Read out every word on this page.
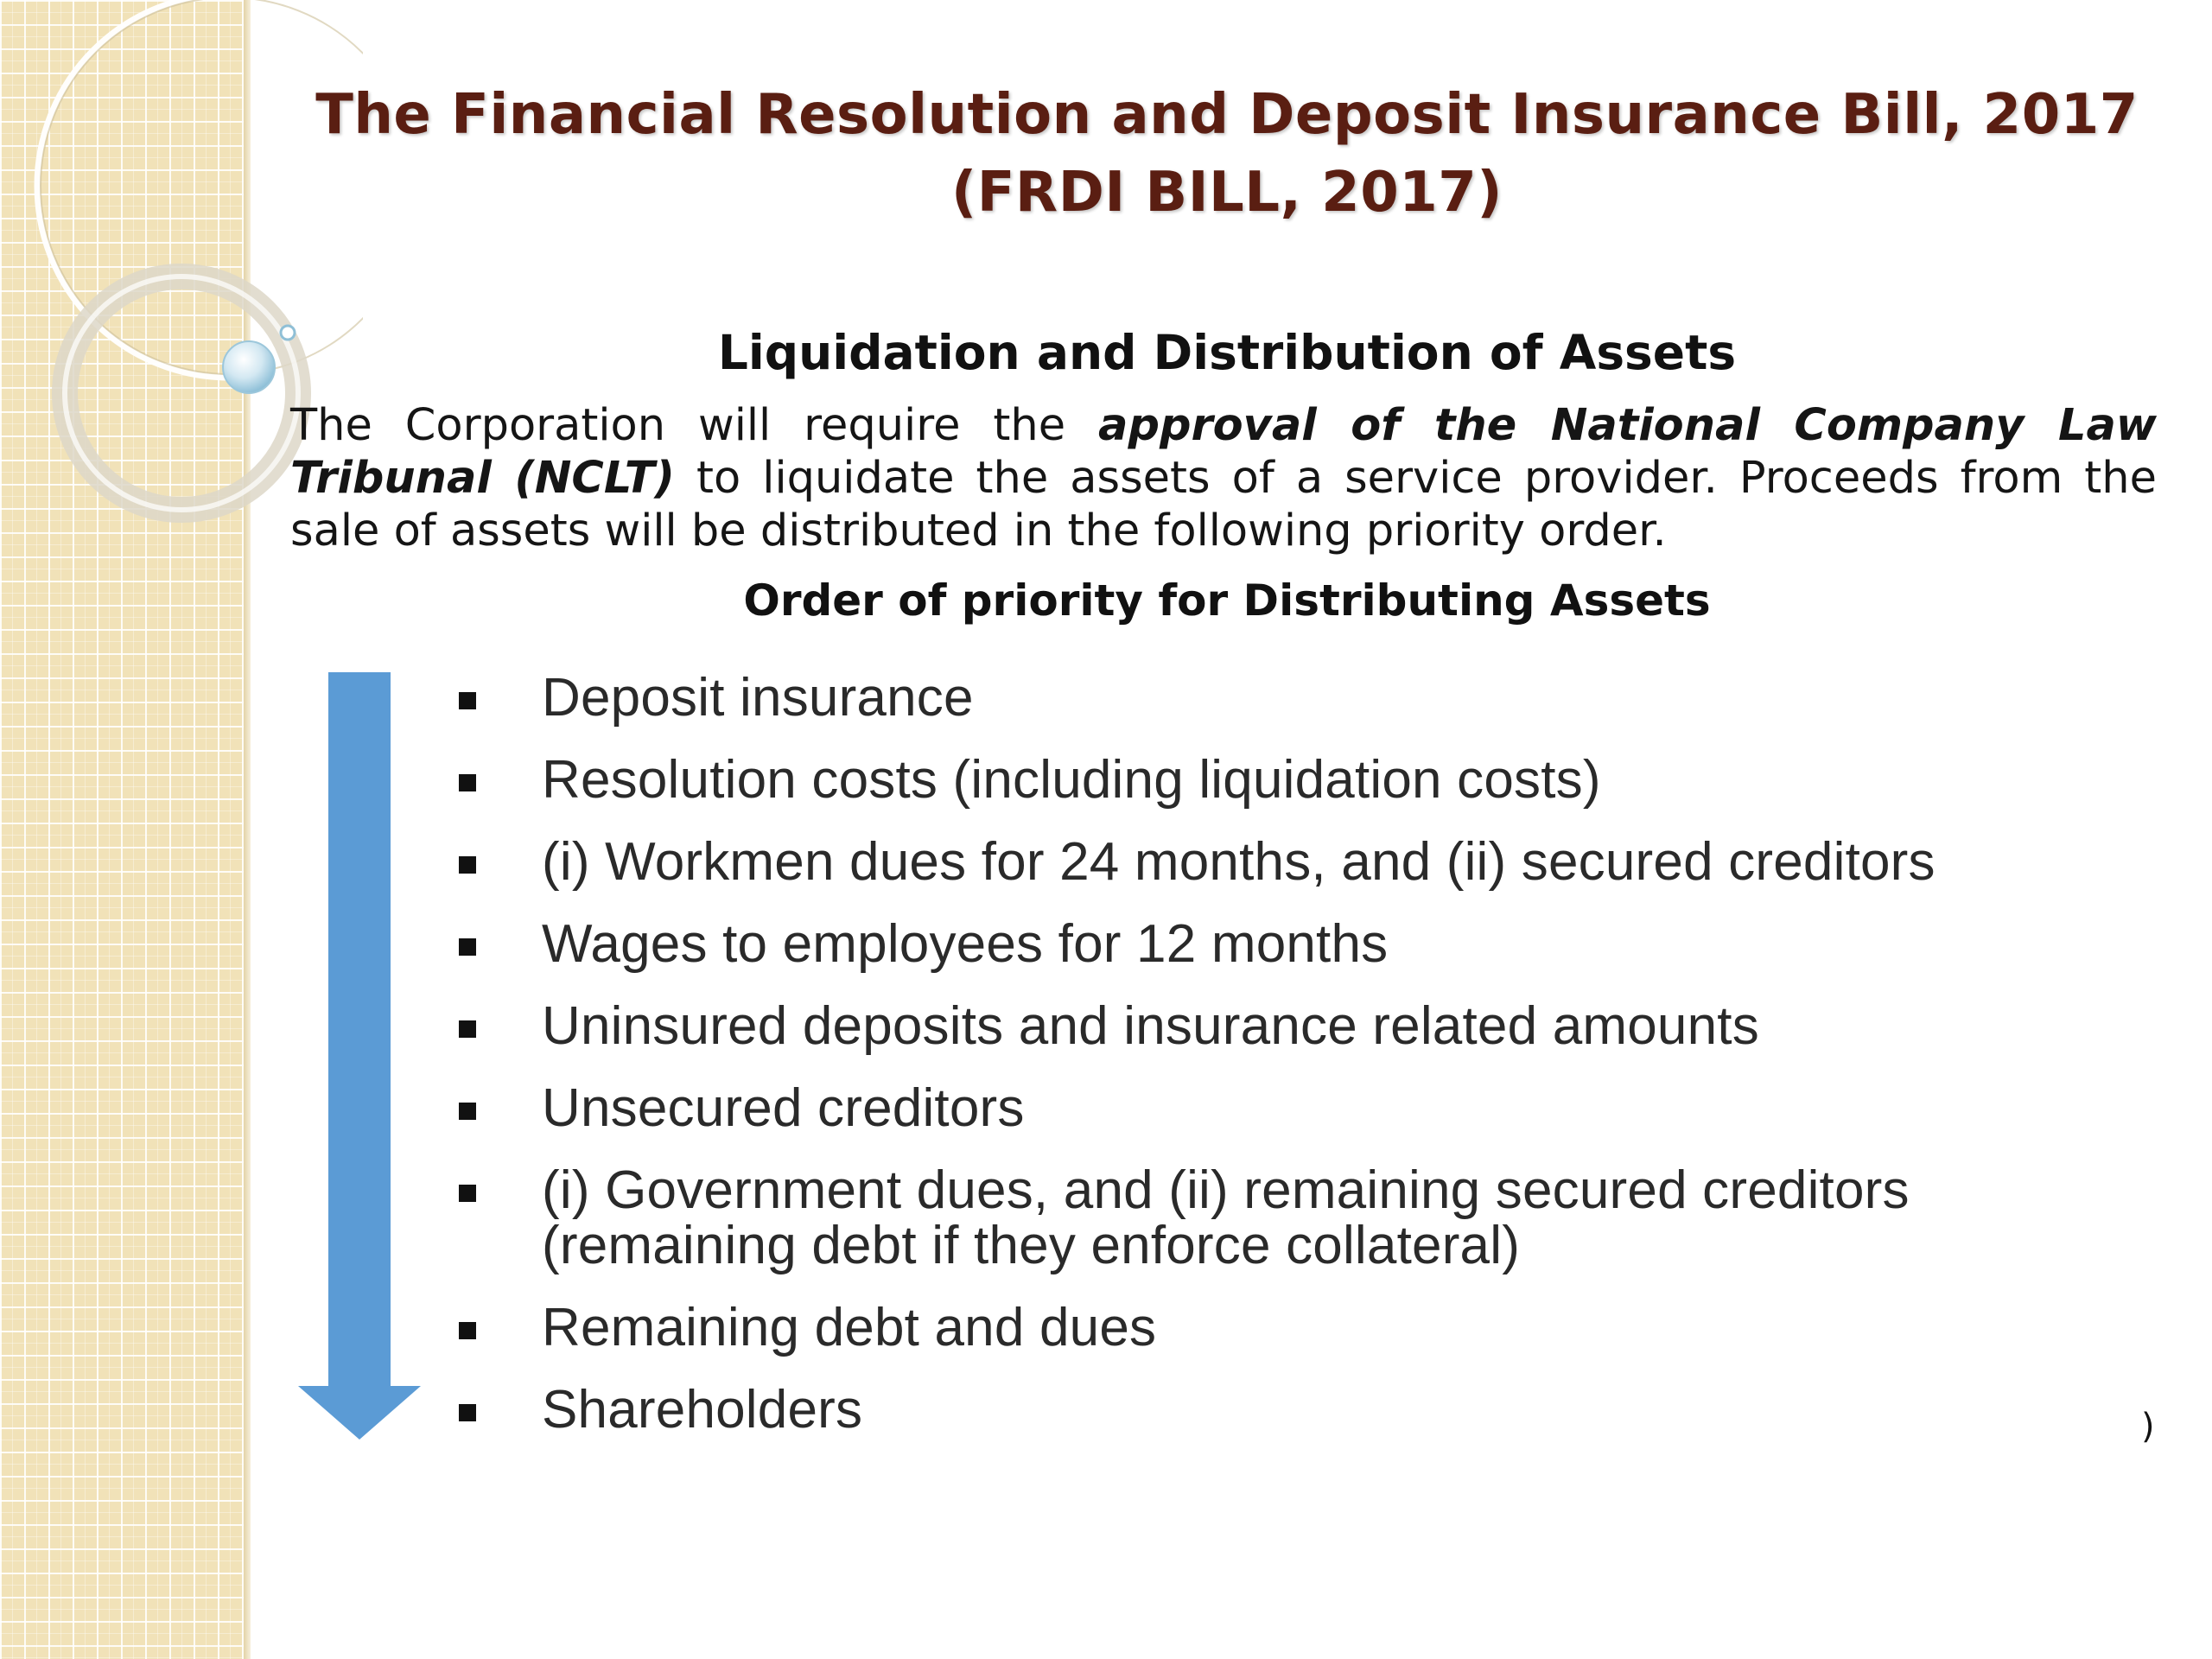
The Financial Resolution and Deposit Insurance Bill, 2017
(FRDI BILL, 2017)
Liquidation and Distribution of Assets

The Corporation will require the approval of the National Company Law Tribunal (NCLT) to liquidate the assets of a service provider. Proceeds from the sale of assets will be distributed in the following priority order.

Order of priority for Distributing Assets
Deposit insurance
Resolution costs (including liquidation costs)
(i) Workmen dues for 24 months, and (ii) secured creditors
Wages to employees for 12 months
Uninsured deposits and insurance related amounts
Unsecured creditors
(i) Government dues, and (ii) remaining secured creditors (remaining debt if they enforce collateral)
Remaining debt and dues
Shareholders	)
